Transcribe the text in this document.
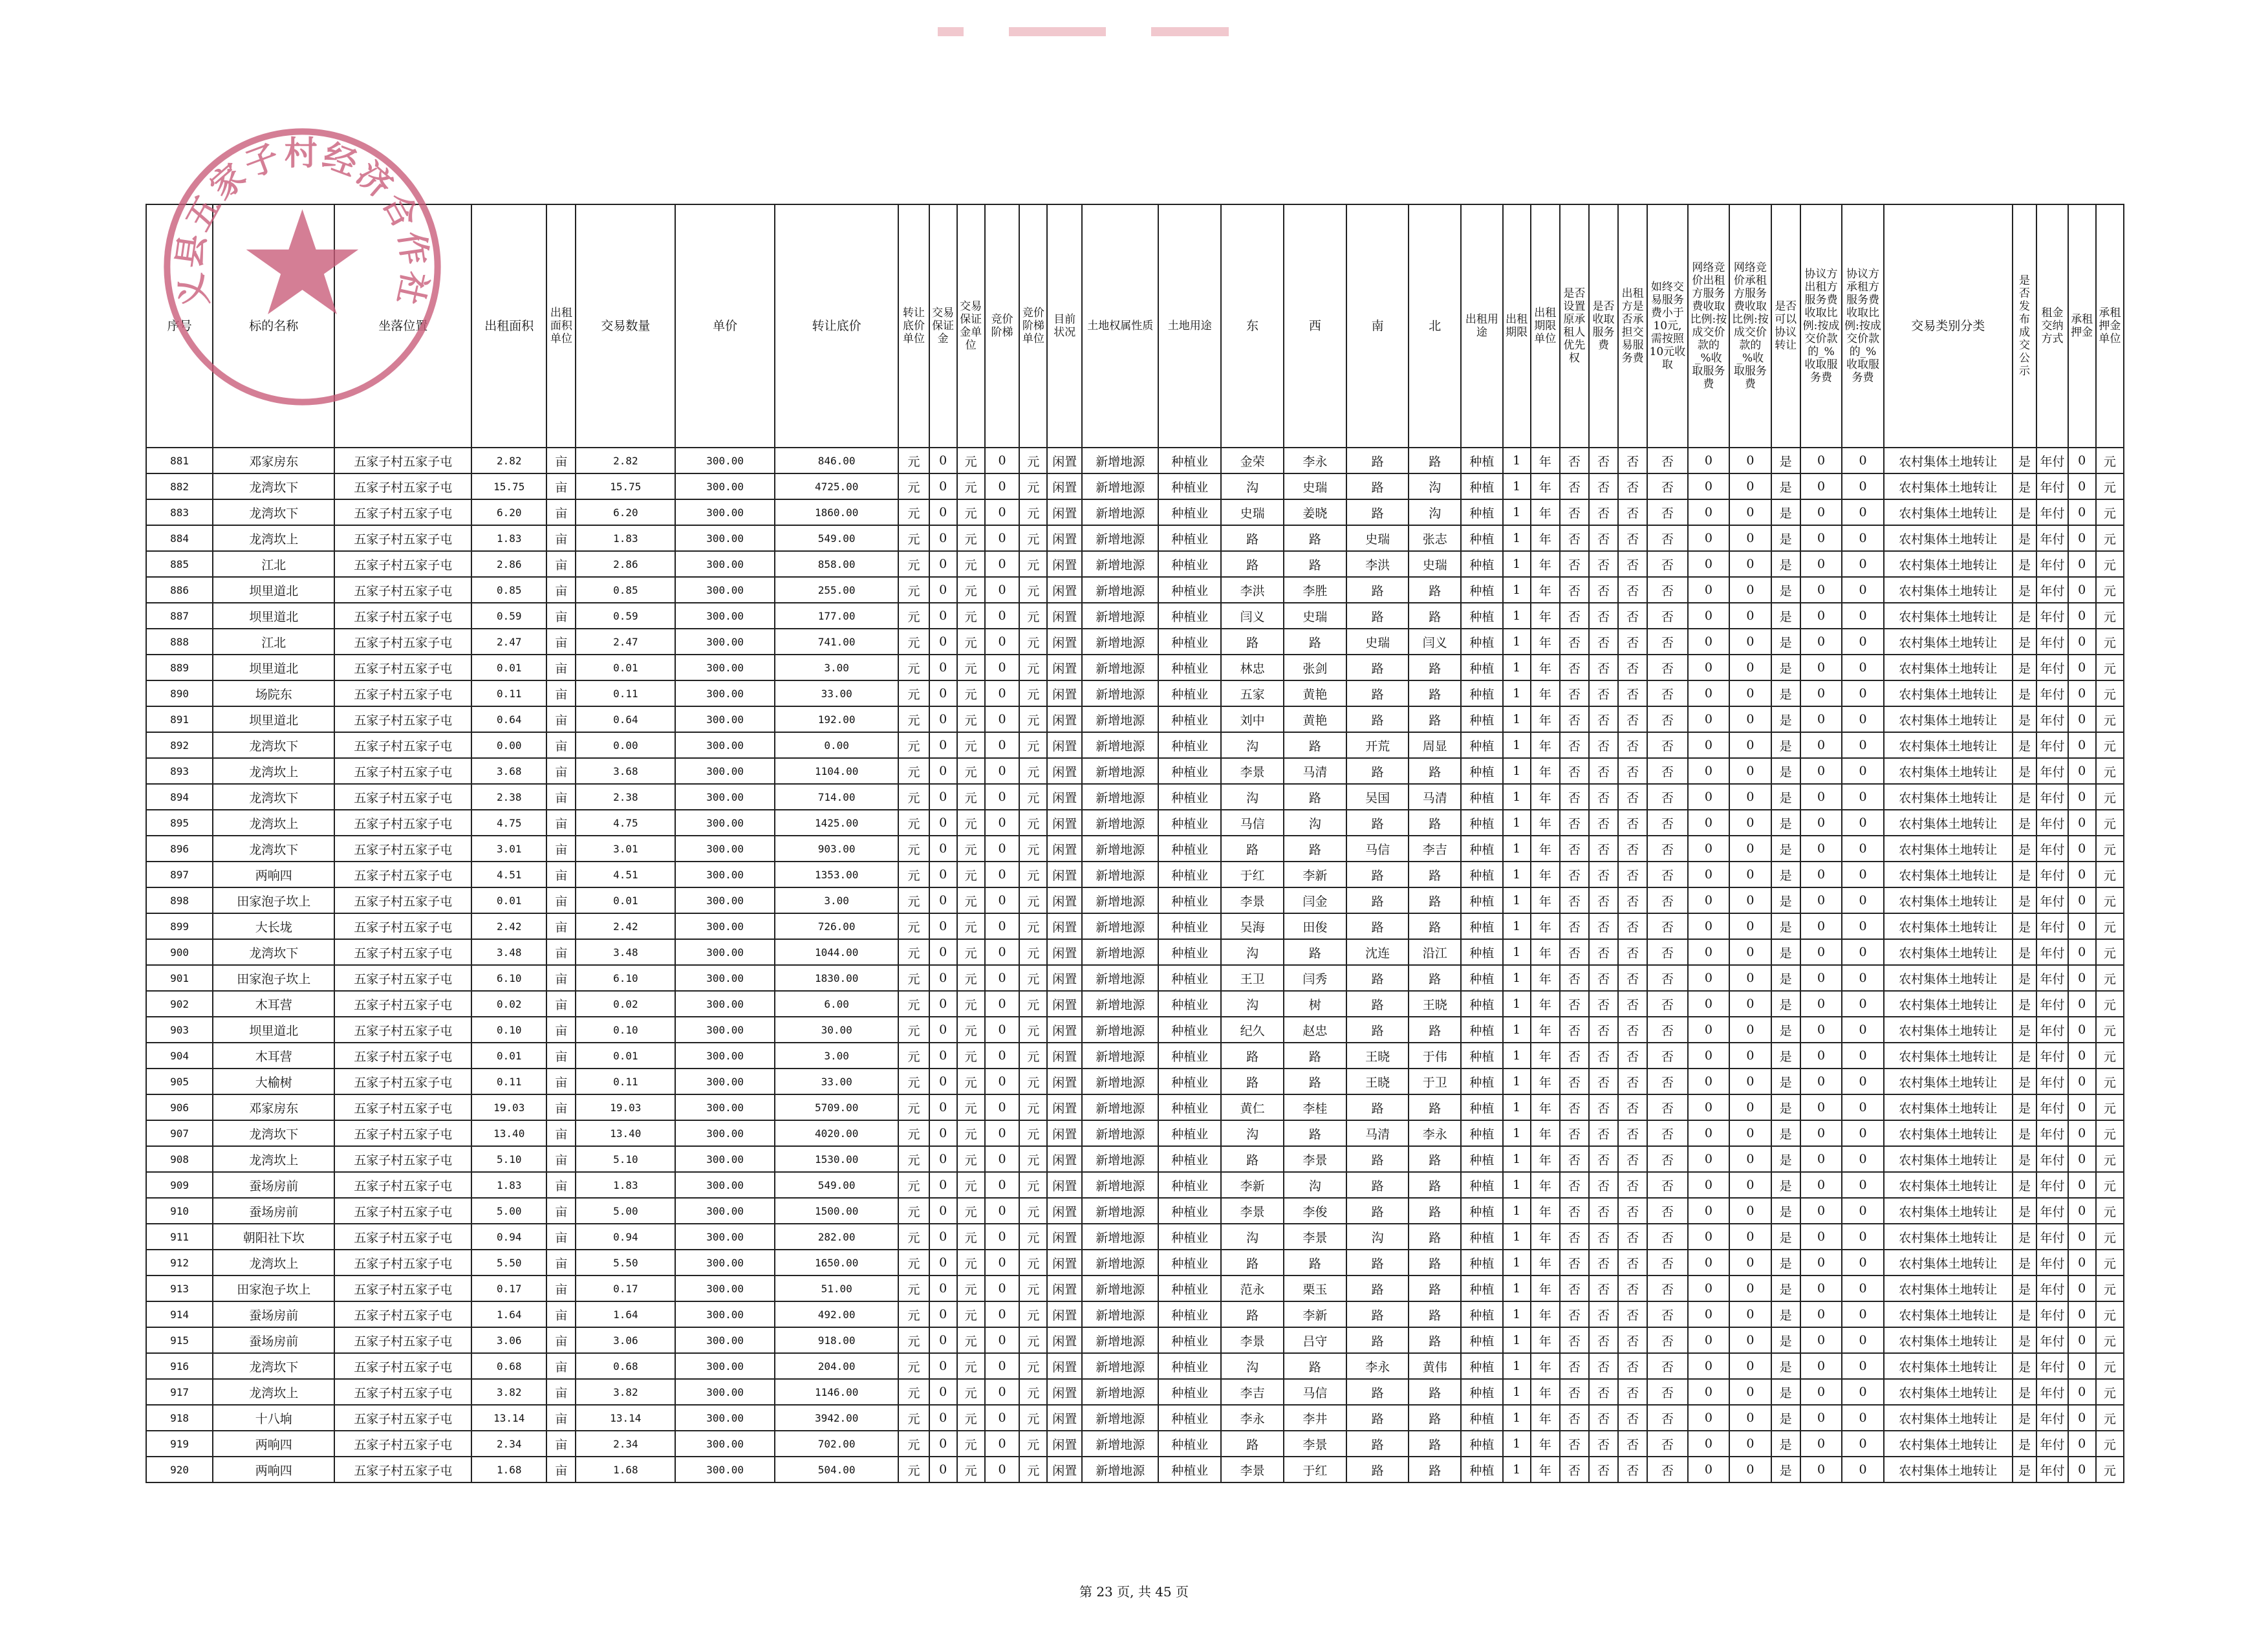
序号	标的名称	坐落位置	出租面积	出租面积单位	交易数量	单价	转让底价	转让底价单位	交易保证金	交易保证金单位	竞价阶梯	竞价阶梯单位	目前状况	土地权属性质	土地用途	东	西	南	北	出租用途	出租期限	出租期限单位	是否设置原承租人优先权	是否收取服务费	出租方是否承担交易服务费	如终交易服务费小于10元,需按照10元收取	网络竞价出租方服务费收取比例:按成交价款的_%收取服务费	网络竞价承租方服务费收取比例:按成交价款的_%收取服务费	是否可以协议转让	协议方出租方服务费收取比例:按成交价款的_%收取服务费	协议方承租方服务费收取比例:按成交价款的_%收取服务费	交易类别分类	是否发布成交公示	租金交纳方式	承租押金	承租押金单位
881	邓家房东	五家子村五家子屯	2.82	亩	2.82	300.00	846.00	元	0	元	0	元	闲置	新增地源	种植业	金荣	李永	路	路	种植	1	年	否	否	否	否	0	0	是	0	0	农村集体土地转让	是	年付	0	元
882	龙湾坎下	五家子村五家子屯	15.75	亩	15.75	300.00	4725.00	元	0	元	0	元	闲置	新增地源	种植业	沟	史瑞	路	沟	种植	1	年	否	否	否	否	0	0	是	0	0	农村集体土地转让	是	年付	0	元
883	龙湾坎下	五家子村五家子屯	6.20	亩	6.20	300.00	1860.00	元	0	元	0	元	闲置	新增地源	种植业	史瑞	姜晓	路	沟	种植	1	年	否	否	否	否	0	0	是	0	0	农村集体土地转让	是	年付	0	元
884	龙湾坎上	五家子村五家子屯	1.83	亩	1.83	300.00	549.00	元	0	元	0	元	闲置	新增地源	种植业	路	路	史瑞	张志	种植	1	年	否	否	否	否	0	0	是	0	0	农村集体土地转让	是	年付	0	元
885	江北	五家子村五家子屯	2.86	亩	2.86	300.00	858.00	元	0	元	0	元	闲置	新增地源	种植业	路	路	李洪	史瑞	种植	1	年	否	否	否	否	0	0	是	0	0	农村集体土地转让	是	年付	0	元
886	坝里道北	五家子村五家子屯	0.85	亩	0.85	300.00	255.00	元	0	元	0	元	闲置	新增地源	种植业	李洪	李胜	路	路	种植	1	年	否	否	否	否	0	0	是	0	0	农村集体土地转让	是	年付	0	元
887	坝里道北	五家子村五家子屯	0.59	亩	0.59	300.00	177.00	元	0	元	0	元	闲置	新增地源	种植业	闫义	史瑞	路	路	种植	1	年	否	否	否	否	0	0	是	0	0	农村集体土地转让	是	年付	0	元
888	江北	五家子村五家子屯	2.47	亩	2.47	300.00	741.00	元	0	元	0	元	闲置	新增地源	种植业	路	路	史瑞	闫义	种植	1	年	否	否	否	否	0	0	是	0	0	农村集体土地转让	是	年付	0	元
889	坝里道北	五家子村五家子屯	0.01	亩	0.01	300.00	3.00	元	0	元	0	元	闲置	新增地源	种植业	林忠	张剑	路	路	种植	1	年	否	否	否	否	0	0	是	0	0	农村集体土地转让	是	年付	0	元
890	场院东	五家子村五家子屯	0.11	亩	0.11	300.00	33.00	元	0	元	0	元	闲置	新增地源	种植业	五家	黄艳	路	路	种植	1	年	否	否	否	否	0	0	是	0	0	农村集体土地转让	是	年付	0	元
891	坝里道北	五家子村五家子屯	0.64	亩	0.64	300.00	192.00	元	0	元	0	元	闲置	新增地源	种植业	刘中	黄艳	路	路	种植	1	年	否	否	否	否	0	0	是	0	0	农村集体土地转让	是	年付	0	元
892	龙湾坎下	五家子村五家子屯	0.00	亩	0.00	300.00	0.00	元	0	元	0	元	闲置	新增地源	种植业	沟	路	开荒	周显	种植	1	年	否	否	否	否	0	0	是	0	0	农村集体土地转让	是	年付	0	元
893	龙湾坎上	五家子村五家子屯	3.68	亩	3.68	300.00	1104.00	元	0	元	0	元	闲置	新增地源	种植业	李景	马清	路	路	种植	1	年	否	否	否	否	0	0	是	0	0	农村集体土地转让	是	年付	0	元
894	龙湾坎下	五家子村五家子屯	2.38	亩	2.38	300.00	714.00	元	0	元	0	元	闲置	新增地源	种植业	沟	路	吴国	马清	种植	1	年	否	否	否	否	0	0	是	0	0	农村集体土地转让	是	年付	0	元
895	龙湾坎上	五家子村五家子屯	4.75	亩	4.75	300.00	1425.00	元	0	元	0	元	闲置	新增地源	种植业	马信	沟	路	路	种植	1	年	否	否	否	否	0	0	是	0	0	农村集体土地转让	是	年付	0	元
896	龙湾坎下	五家子村五家子屯	3.01	亩	3.01	300.00	903.00	元	0	元	0	元	闲置	新增地源	种植业	路	路	马信	李吉	种植	1	年	否	否	否	否	0	0	是	0	0	农村集体土地转让	是	年付	0	元
897	两响四	五家子村五家子屯	4.51	亩	4.51	300.00	1353.00	元	0	元	0	元	闲置	新增地源	种植业	于红	李新	路	路	种植	1	年	否	否	否	否	0	0	是	0	0	农村集体土地转让	是	年付	0	元
898	田家泡子坎上	五家子村五家子屯	0.01	亩	0.01	300.00	3.00	元	0	元	0	元	闲置	新增地源	种植业	李景	闫金	路	路	种植	1	年	否	否	否	否	0	0	是	0	0	农村集体土地转让	是	年付	0	元
899	大长垅	五家子村五家子屯	2.42	亩	2.42	300.00	726.00	元	0	元	0	元	闲置	新增地源	种植业	吴海	田俊	路	路	种植	1	年	否	否	否	否	0	0	是	0	0	农村集体土地转让	是	年付	0	元
900	龙湾坎下	五家子村五家子屯	3.48	亩	3.48	300.00	1044.00	元	0	元	0	元	闲置	新增地源	种植业	沟	路	沈连	沿江	种植	1	年	否	否	否	否	0	0	是	0	0	农村集体土地转让	是	年付	0	元
901	田家泡子坎上	五家子村五家子屯	6.10	亩	6.10	300.00	1830.00	元	0	元	0	元	闲置	新增地源	种植业	王卫	闫秀	路	路	种植	1	年	否	否	否	否	0	0	是	0	0	农村集体土地转让	是	年付	0	元
902	木耳营	五家子村五家子屯	0.02	亩	0.02	300.00	6.00	元	0	元	0	元	闲置	新增地源	种植业	沟	树	路	王晓	种植	1	年	否	否	否	否	0	0	是	0	0	农村集体土地转让	是	年付	0	元
903	坝里道北	五家子村五家子屯	0.10	亩	0.10	300.00	30.00	元	0	元	0	元	闲置	新增地源	种植业	纪久	赵忠	路	路	种植	1	年	否	否	否	否	0	0	是	0	0	农村集体土地转让	是	年付	0	元
904	木耳营	五家子村五家子屯	0.01	亩	0.01	300.00	3.00	元	0	元	0	元	闲置	新增地源	种植业	路	路	王晓	于伟	种植	1	年	否	否	否	否	0	0	是	0	0	农村集体土地转让	是	年付	0	元
905	大榆树	五家子村五家子屯	0.11	亩	0.11	300.00	33.00	元	0	元	0	元	闲置	新增地源	种植业	路	路	王晓	于卫	种植	1	年	否	否	否	否	0	0	是	0	0	农村集体土地转让	是	年付	0	元
906	邓家房东	五家子村五家子屯	19.03	亩	19.03	300.00	5709.00	元	0	元	0	元	闲置	新增地源	种植业	黄仁	李桂	路	路	种植	1	年	否	否	否	否	0	0	是	0	0	农村集体土地转让	是	年付	0	元
907	龙湾坎下	五家子村五家子屯	13.40	亩	13.40	300.00	4020.00	元	0	元	0	元	闲置	新增地源	种植业	沟	路	马清	李永	种植	1	年	否	否	否	否	0	0	是	0	0	农村集体土地转让	是	年付	0	元
908	龙湾坎上	五家子村五家子屯	5.10	亩	5.10	300.00	1530.00	元	0	元	0	元	闲置	新增地源	种植业	路	李景	路	路	种植	1	年	否	否	否	否	0	0	是	0	0	农村集体土地转让	是	年付	0	元
909	蚕场房前	五家子村五家子屯	1.83	亩	1.83	300.00	549.00	元	0	元	0	元	闲置	新增地源	种植业	李新	沟	路	路	种植	1	年	否	否	否	否	0	0	是	0	0	农村集体土地转让	是	年付	0	元
910	蚕场房前	五家子村五家子屯	5.00	亩	5.00	300.00	1500.00	元	0	元	0	元	闲置	新增地源	种植业	李景	李俊	路	路	种植	1	年	否	否	否	否	0	0	是	0	0	农村集体土地转让	是	年付	0	元
911	朝阳社下坎	五家子村五家子屯	0.94	亩	0.94	300.00	282.00	元	0	元	0	元	闲置	新增地源	种植业	沟	李景	沟	路	种植	1	年	否	否	否	否	0	0	是	0	0	农村集体土地转让	是	年付	0	元
912	龙湾坎上	五家子村五家子屯	5.50	亩	5.50	300.00	1650.00	元	0	元	0	元	闲置	新增地源	种植业	路	路	路	路	种植	1	年	否	否	否	否	0	0	是	0	0	农村集体土地转让	是	年付	0	元
913	田家泡子坎上	五家子村五家子屯	0.17	亩	0.17	300.00	51.00	元	0	元	0	元	闲置	新增地源	种植业	范永	栗玉	路	路	种植	1	年	否	否	否	否	0	0	是	0	0	农村集体土地转让	是	年付	0	元
914	蚕场房前	五家子村五家子屯	1.64	亩	1.64	300.00	492.00	元	0	元	0	元	闲置	新增地源	种植业	路	李新	路	路	种植	1	年	否	否	否	否	0	0	是	0	0	农村集体土地转让	是	年付	0	元
915	蚕场房前	五家子村五家子屯	3.06	亩	3.06	300.00	918.00	元	0	元	0	元	闲置	新增地源	种植业	李景	吕守	路	路	种植	1	年	否	否	否	否	0	0	是	0	0	农村集体土地转让	是	年付	0	元
916	龙湾坎下	五家子村五家子屯	0.68	亩	0.68	300.00	204.00	元	0	元	0	元	闲置	新增地源	种植业	沟	路	李永	黄伟	种植	1	年	否	否	否	否	0	0	是	0	0	农村集体土地转让	是	年付	0	元
917	龙湾坎上	五家子村五家子屯	3.82	亩	3.82	300.00	1146.00	元	0	元	0	元	闲置	新增地源	种植业	李吉	马信	路	路	种植	1	年	否	否	否	否	0	0	是	0	0	农村集体土地转让	是	年付	0	元
918	十八垧	五家子村五家子屯	13.14	亩	13.14	300.00	3942.00	元	0	元	0	元	闲置	新增地源	种植业	李永	李井	路	路	种植	1	年	否	否	否	否	0	0	是	0	0	农村集体土地转让	是	年付	0	元
919	两响四	五家子村五家子屯	2.34	亩	2.34	300.00	702.00	元	0	元	0	元	闲置	新增地源	种植业	路	李景	路	路	种植	1	年	否	否	否	否	0	0	是	0	0	农村集体土地转让	是	年付	0	元
920	两响四	五家子村五家子屯	1.68	亩	1.68	300.00	504.00	元	0	元	0	元	闲置	新增地源	种植业	李景	于红	路	路	种植	1	年	否	否	否	否	0	0	是	0	0	农村集体土地转让	是	年付	0	元
义县五家子村经济合作社
第 23 页, 共 45 页
